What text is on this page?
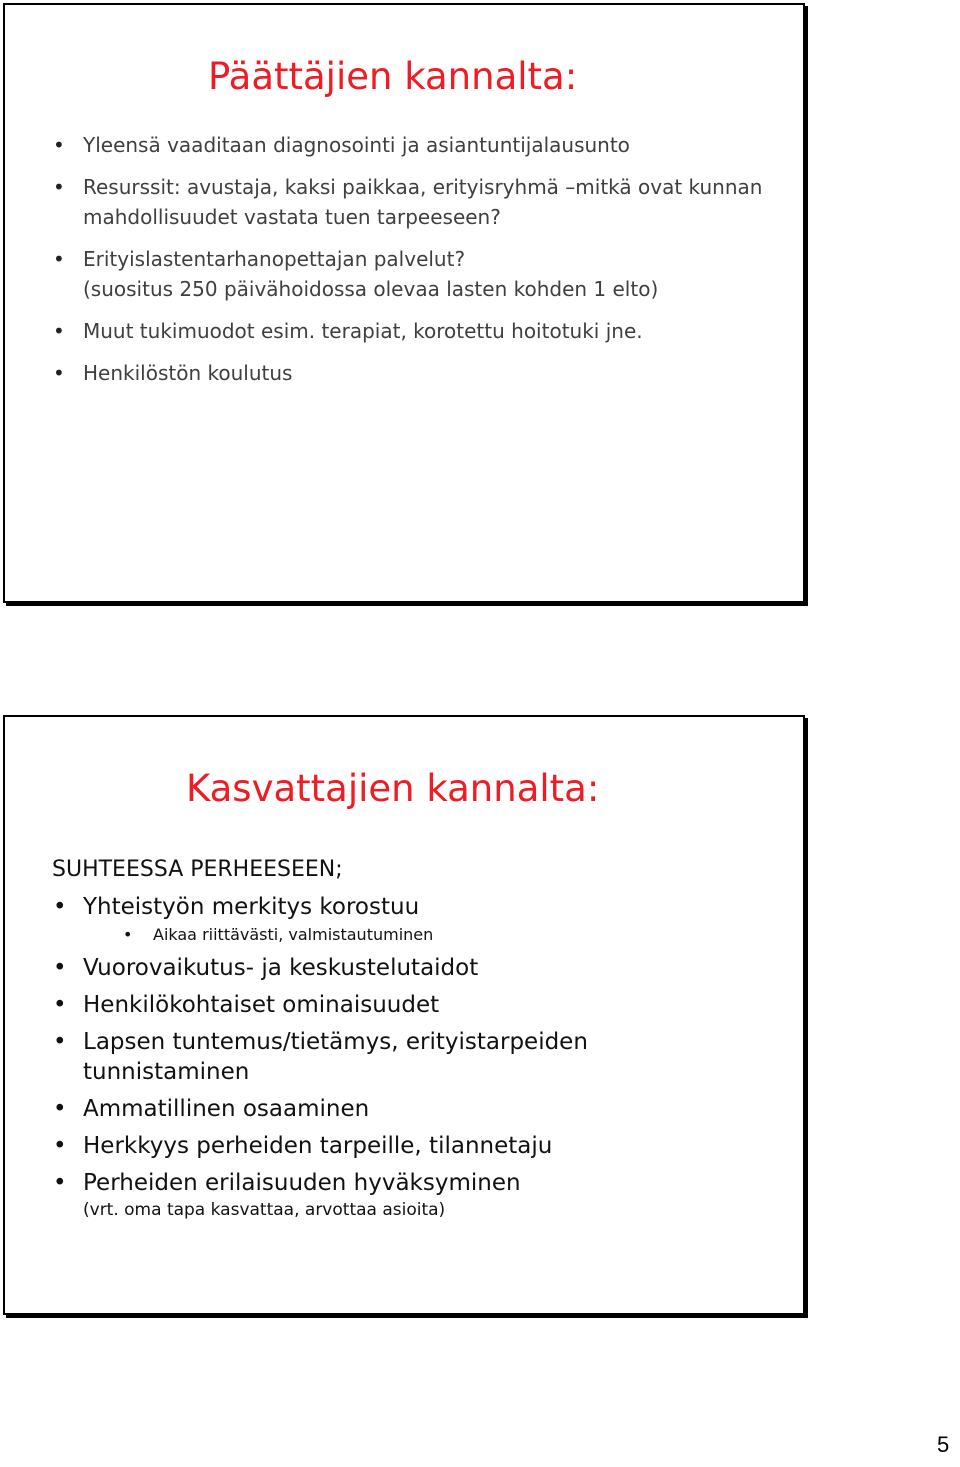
Päättäjien kannalta:
• Yleensä vaaditaan diagnosointi ja asiantuntijalausunto
• Resurssit: avustaja, kaksi paikkaa, erityisryhmä –mitkä ovat kunnan mahdollisuudet vastata tuen tarpeeseen?
• Erityislastentarhanopettajan palvelut?
(suositus 250 päivähoidossa olevaa lasten kohden 1 elto)
• Muut tukimuodot esim. terapiat, korotettu hoitotuki jne.
• Henkilöstön koulutus
Kasvattajien kannalta:

SUHTEESSA PERHEESEEN;

• Yhteistyön merkitys korostuu
• Aikaa riittävästi, valmistautuminen
• Vuorovaikutus- ja keskustelutaidot
• Henkilökohtaiset ominaisuudet
• Lapsen tuntemus/tietämys, erityistarpeiden tunnistaminen
• Ammatillinen osaaminen
• Herkkyys perheiden tarpeille, tilannetaju
• Perheiden erilaisuuden hyväksyminen
(vrt. oma tapa kasvattaa, arvottaa asioita)
5
